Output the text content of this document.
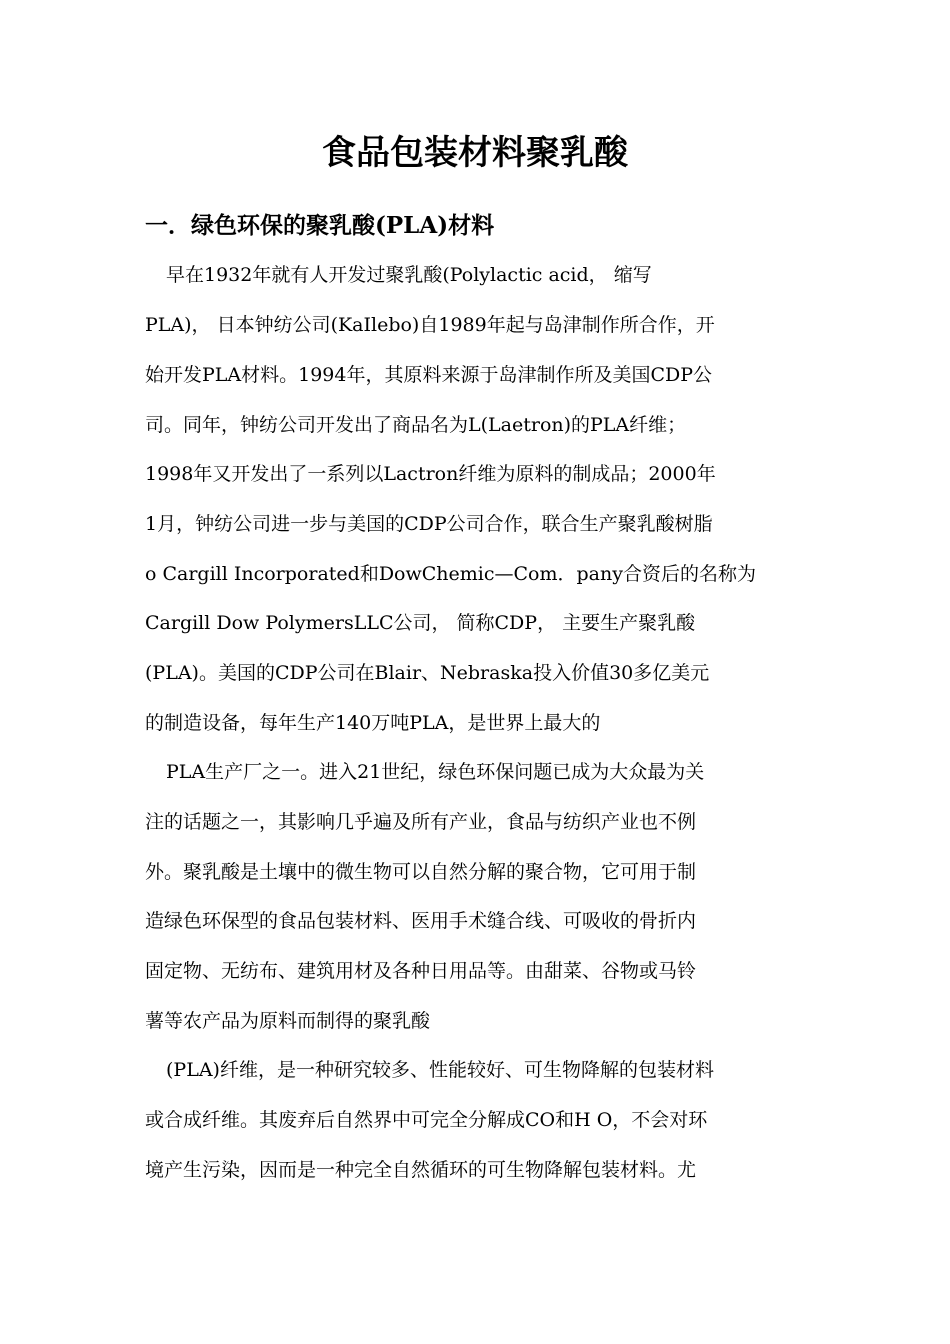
食品包装材料聚乳酸
一．绿色环保的聚乳酸(PLA)材料
早在1932年就有人开发过聚乳酸(Polylactic acid， 缩写
PLA)， 日本钟纺公司(KaIlebo)自1989年起与岛津制作所合作，开
始开发PLA材料。1994年，其原料来源于岛津制作所及美国CDP公
司。同年，钟纺公司开发出了商品名为L(Laetron)的PLA纤维；
1998年又开发出了一系列以Lactron纤维为原料的制成品；2000年
1月，钟纺公司进一步与美国的CDP公司合作，联合生产聚乳酸树脂
o Cargill Incorporated和DowChemic—Com．pany合资后的名称为
Cargill Dow PolymersLLC公司， 简称CDP， 主要生产聚乳酸
(PLA)。美国的CDP公司在Blair、Nebraska投入价值30多亿美元
的制造设备，每年生产140万吨PLA，是世界上最大的
PLA生产厂之一。进入21世纪，绿色环保问题已成为大众最为关
注的话题之一，其影响几乎遍及所有产业，食品与纺织产业也不例
外。聚乳酸是土壤中的微生物可以自然分解的聚合物，它可用于制
造绿色环保型的食品包装材料、医用手术缝合线、可吸收的骨折内
固定物、无纺布、建筑用材及各种日用品等。由甜菜、谷物或马铃
薯等农产品为原料而制得的聚乳酸
(PLA)纤维，是一种研究较多、性能较好、可生物降解的包装材料
或合成纤维。其废弃后自然界中可完全分解成CO和H O，不会对环
境产生污染，因而是一种完全自然循环的可生物降解包装材料。尤
